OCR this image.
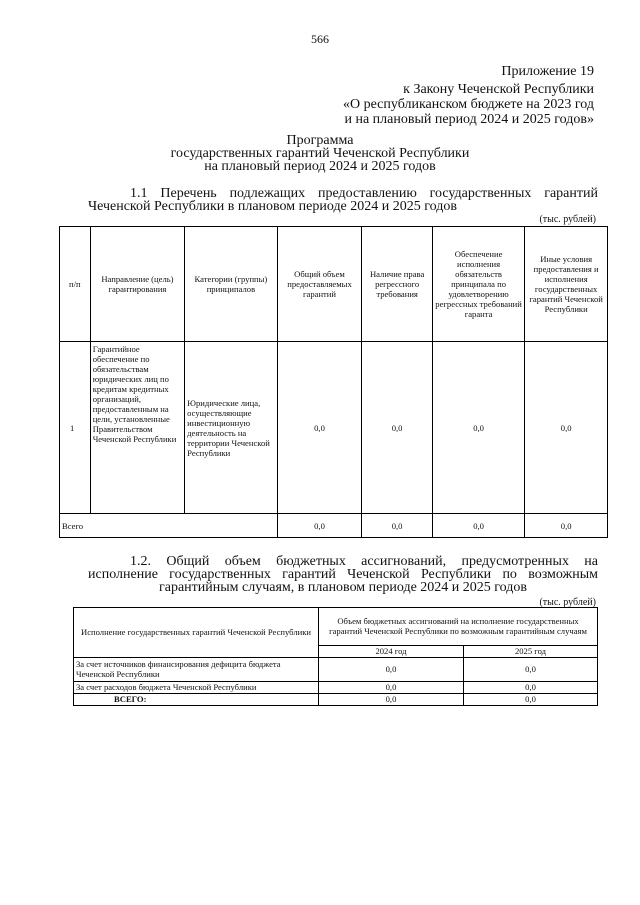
566
Приложение 19
к Закону Чеченской Республики
«О республиканском бюджете на 2023 год
и на плановый период 2024 и 2025 годов»
Программа
государственных гарантий Чеченской Республики
на плановый период 2024 и 2025 годов
1.1 Перечень подлежащих предоставлению государственных гарантий Чеченской Республики в плановом периоде 2024 и 2025 годов
(тыс. рублей)
п/п	Направление (цель) гарантирования	Категории (группы) принципалов	Общий объем предоставляемых гарантий	Наличие права регрессного требования	Обеспечение исполнения обязательств принципала по удовлетворению регрессных требований гаранта	Иные условия предоставления и исполнения государственных гарантий Чеченской Республики
1	Гарантийное обеспечение по обязательствам юридических лиц по кредитам кредитных организаций, предоставленным на цели, установленные Правительством Чеченской Республики	Юридические лица, осуществляющие инвестиционную деятельность на территории Чеченской Республики	0,0	0,0	0,0	0,0
Всего			0,0	0,0	0,0	0,0
1.2. Общий объем бюджетных ассигнований, предусмотренных на исполнение государственных гарантий Чеченской Республики по возможным
гарантийным случаям, в плановом периоде 2024 и 2025 годов
(тыс. рублей)
Исполнение государственных гарантий Чеченской Республики	Объем бюджетных ассигнований на исполнение государственных гарантий Чеченской Республики по возможным гарантийным случаям	
	2024 год	2025 год
За счет источников финансирования дефицита бюджета Чеченской Республики	0,0	0,0
За счет расходов бюджета Чеченской Республики	0,0	0,0
ВСЕГО:	0,0	0,0
